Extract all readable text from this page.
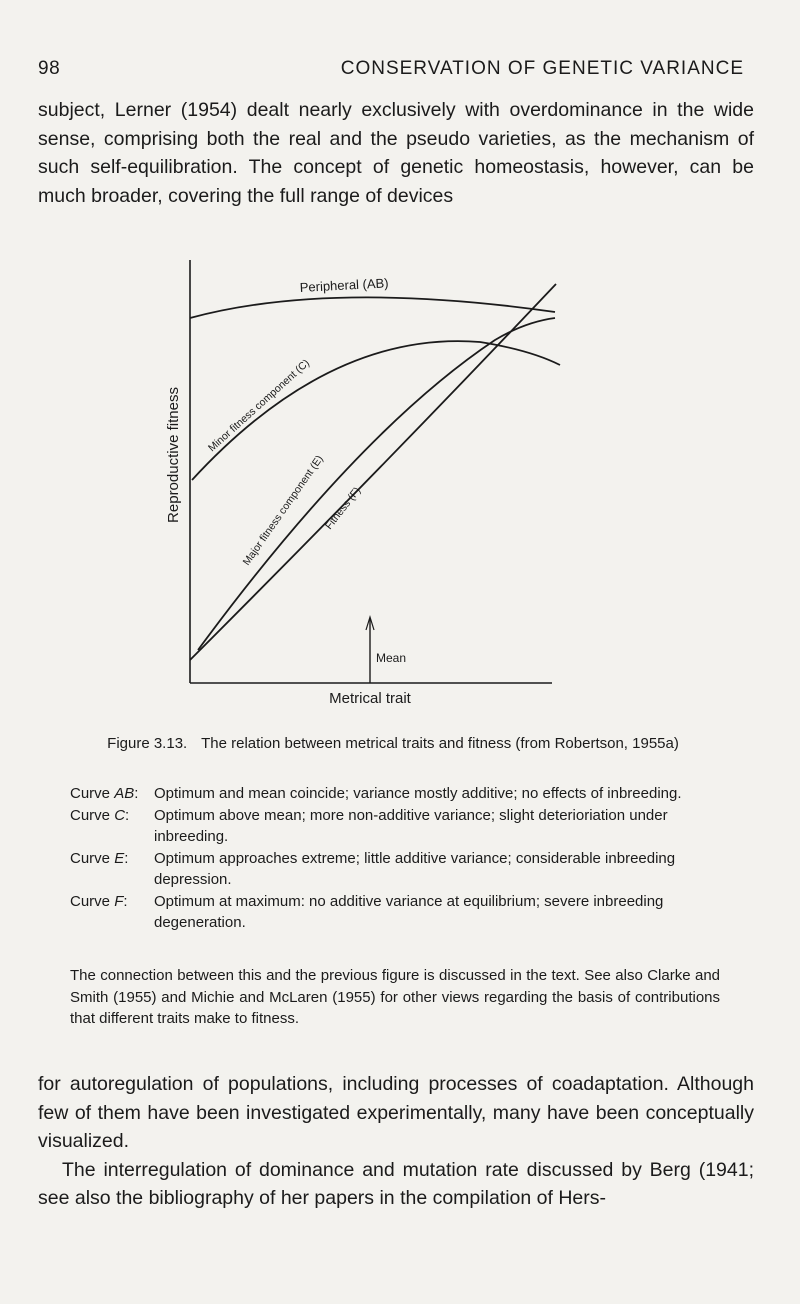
98	CONSERVATION OF GENETIC VARIANCE

subject, Lerner (1954) dealt nearly exclusively with overdominance in the wide sense, comprising both the real and the pseudo varieties, as the mechanism of such self-equilibration. The concept of genetic homeostasis, however, can be much broader, covering the full range of devices

Reproductive fitness
Metrical trait
Peripheral (AB)
Minor fitness component (C)
Major fitness component (E)
Fitness (F)
Mean
Figure 3.13. The relation between metrical traits and fitness (from Robertson, 1955a)
Curve AB:	Optimum and mean coincide; variance mostly additive; no effects of inbreeding.
Curve C:	Optimum above mean; more non-additive variance; slight deterioriation under inbreeding.
Curve E:	Optimum approaches extreme; little additive variance; considerable inbreeding depression.
Curve F:	Optimum at maximum: no additive variance at equilibrium; severe inbreeding degeneration.
The connection between this and the previous figure is discussed in the text. See also Clarke and Smith (1955) and Michie and McLaren (1955) for other views regarding the basis of contributions that different traits make to fitness.

for autoregulation of populations, including processes of coadaptation. Although few of them have been investigated experimentally, many have been conceptually visualized.

The interregulation of dominance and mutation rate discussed by Berg (1941; see also the bibliography of her papers in the compilation of Hers-
